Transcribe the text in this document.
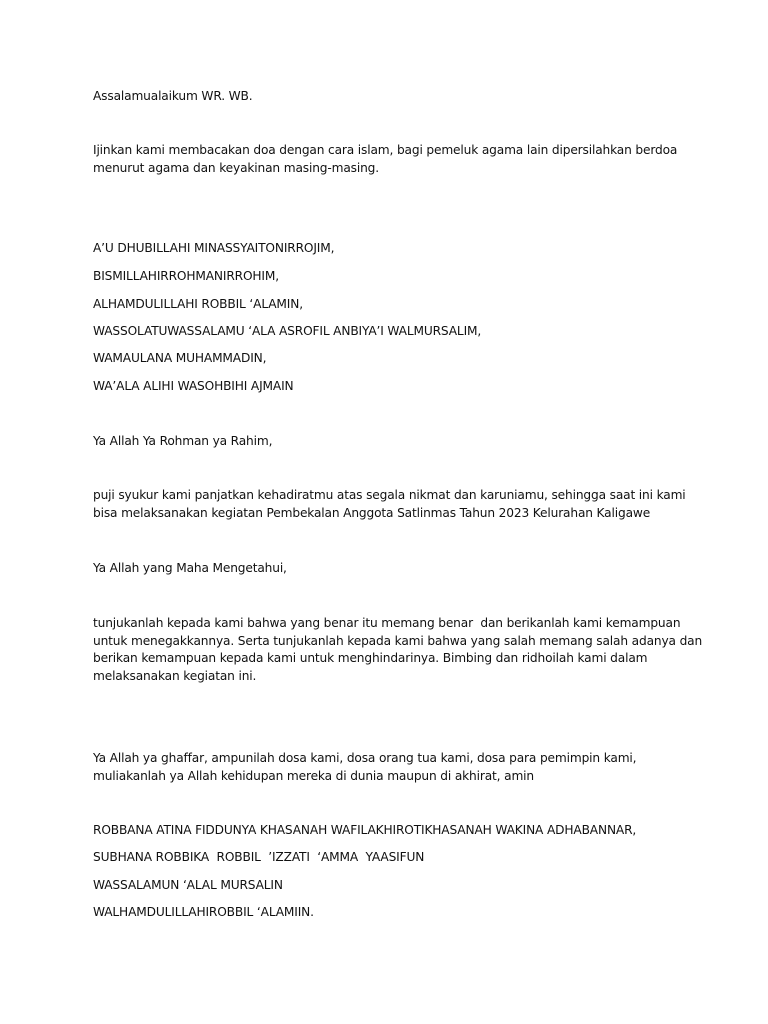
Assalamualaikum WR. WB.
Ijinkan kami membacakan doa dengan cara islam, bagi pemeluk agama lain dipersilahkan berdoa
menurut agama dan keyakinan masing-masing.
A’U DHUBILLAHI MINASSYAITONIRROJIM,
BISMILLAHIRROHMANIRROHIM,
ALHAMDULILLAHI ROBBIL ‘ALAMIN,
WASSOLATUWASSALAMU ‘ALA ASROFIL ANBIYA’I WALMURSALIM,
WAMAULANA MUHAMMADIN,
WA’ALA ALIHI WASOHBIHI AJMAIN
Ya Allah Ya Rohman ya Rahim,
puji syukur kami panjatkan kehadiratmu atas segala nikmat dan karuniamu, sehingga saat ini kami
bisa melaksanakan kegiatan Pembekalan Anggota Satlinmas Tahun 2023 Kelurahan Kaligawe
Ya Allah yang Maha Mengetahui,
tunjukanlah kepada kami bahwa yang benar itu memang benar  dan berikanlah kami kemampuan
untuk menegakkannya. Serta tunjukanlah kepada kami bahwa yang salah memang salah adanya dan
berikan kemampuan kepada kami untuk menghindarinya. Bimbing dan ridhoilah kami dalam
melaksanakan kegiatan ini.
Ya Allah ya ghaffar, ampunilah dosa kami, dosa orang tua kami, dosa para pemimpin kami,
muliakanlah ya Allah kehidupan mereka di dunia maupun di akhirat, amin
ROBBANA ATINA FIDDUNYA KHASANAH WAFILAKHIROTIKHASANAH WAKINA ADHABANNAR,
SUBHANA ROBBIKA  ROBBIL  ’IZZATI  ‘AMMA  YAASIFUN
WASSALAMUN ‘ALAL MURSALIN
WALHAMDULILLAHIROBBIL ‘ALAMIIN.
